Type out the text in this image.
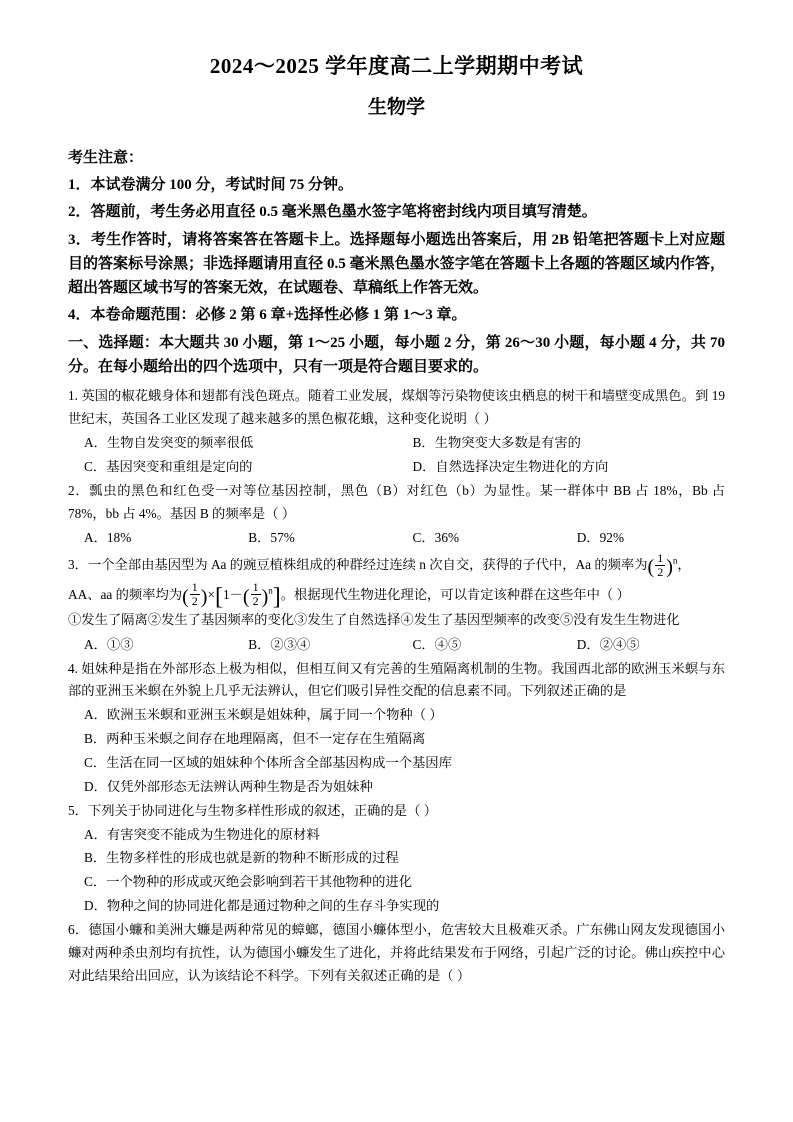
2024～2025 学年度高二上学期期中考试
生物学
考生注意：
1．本试卷满分 100 分，考试时间 75 分钟。
2．答题前，考生务必用直径 0.5 毫米黑色墨水签字笔将密封线内项目填写清楚。
3．考生作答时，请将答案答在答题卡上。选择题每小题选出答案后，用 2B 铅笔把答题卡上对应题目的答案标号涂黑；非选择题请用直径 0.5 毫米黑色墨水签字笔在答题卡上各题的答题区域内作答，超出答题区域书写的答案无效，在试题卷、草稿纸上作答无效。
4．本卷命题范围：必修 2 第 6 章+选择性必修 1 第 1～3 章。
一、选择题：本大题共 30 小题，第 1～25 小题，每小题 2 分，第 26～30 小题，每小题 4 分，共 70 分。在每小题给出的四个选项中，只有一项是符合题目要求的。
1. 英国的椒花蛾身体和翅都有浅色斑点。随着工业发展，煤烟等污染物使该虫栖息的树干和墙壁变成黑色。到 19 世纪末，英国各工业区发现了越来越多的黑色椒花蛾，这种变化说明（ ）
A．生物自发突变的频率很低	B．生物突变大多数是有害的
C．基因突变和重组是定向的	D．自然选择决定生物进化的方向
2．瓢虫的黑色和红色受一对等位基因控制，黑色（B）对红色（b）为显性。某一群体中 BB 占 18%，Bb 占 78%，bb 占 4%。基因 B 的频率是（ ）
A．18%	B．57%	C．36%	D．92%
3．一个全部由基因型为 Aa 的豌豆植株组成的种群经过连续 n 次自交，获得的子代中，Aa 的频率为( $\frac{1}{2} )^n$，
AA、aa 的频率均为( $\frac{1}{2} )\times[1-( \frac{1}{2} )^n]$。根据现代生物进化理论，可以肯定该种群在这些年中（ ）
①发生了隔离②发生了基因频率的变化③发生了自然选择④发生了基因型频率的改变⑤没有发生生物进化
A．①③	B．②③④	C．④⑤	D．②④⑤
4. 姐妹种是指在外部形态上极为相似，但相互间又有完善的生殖隔离机制的生物。我国西北部的欧洲玉米螟与东部的亚洲玉米螟在外貌上几乎无法辨认，但它们吸引异性交配的信息素不同。下列叙述正确的是
A．欧洲玉米螟和亚洲玉米螟是姐妹种，属于同一个物种（ ）
B．两种玉米螟之间存在地理隔离，但不一定存在生殖隔离
C．生活在同一区域的姐妹种个体所含全部基因构成一个基因库
D．仅凭外部形态无法辨认两种生物是否为姐妹种
5．下列关于协同进化与生物多样性形成的叙述，正确的是（ ）
A．有害突变不能成为生物进化的原材料
B．生物多样性的形成也就是新的物种不断形成的过程
C．一个物种的形成或灭绝会影响到若干其他物种的进化
D．物种之间的协同进化都是通过物种之间的生存斗争实现的
6．德国小蠊和美洲大蠊是两种常见的蟑螂，德国小蠊体型小，危害较大且极难灭杀。广东佛山网友发现德国小蠊对两种杀虫剂均有抗性，认为德国小蠊发生了进化，并将此结果发布于网络，引起广泛的讨论。佛山疾控中心对此结果给出回应，认为该结论不科学。下列有关叙述正确的是（ ）
